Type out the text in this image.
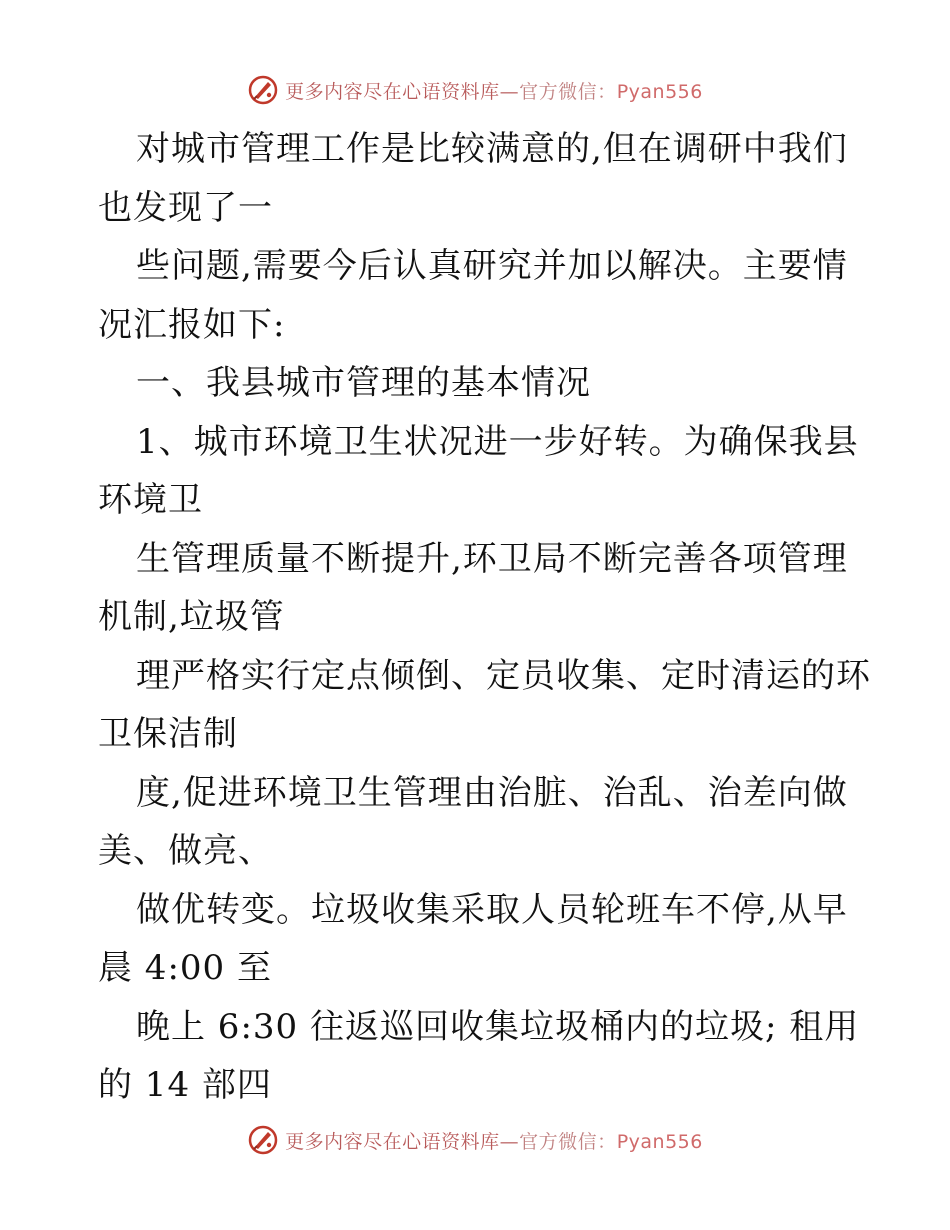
更多内容尽在心语资料库—官方微信：Pyan556
对城市管理工作是比较满意的,但在调研中我们
也发现了一
些问题,需要今后认真研究并加以解决。主要情
况汇报如下:
一、我县城市管理的基本情况
1、城市环境卫生状况进一步好转。为确保我县
环境卫
生管理质量不断提升,环卫局不断完善各项管理
机制,垃圾管
理严格实行定点倾倒、定员收集、定时清运的环
卫保洁制
度,促进环境卫生管理由治脏、治乱、治差向做
美、做亮、
做优转变。垃圾收集采取人员轮班车不停,从早
晨 4:00 至
晚上 6:30 往返巡回收集垃圾桶内的垃圾; 租用
的 14 部四
更多内容尽在心语资料库—官方微信：Pyan556
